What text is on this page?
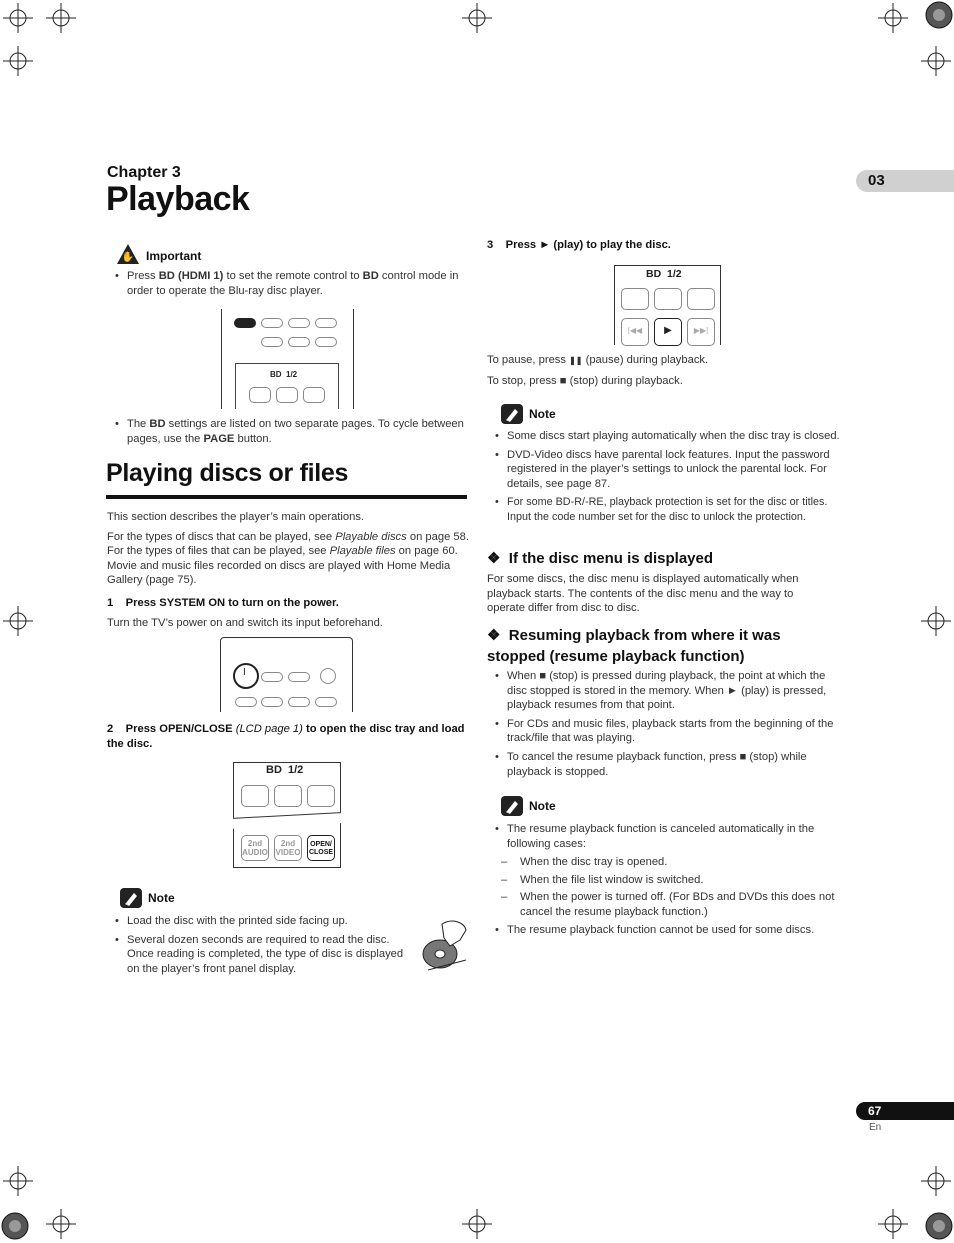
Chapter 3
Playback	03
✋ Important
• Press BD (HDMI 1) to set the remote control to BD control mode in order to operate the Blu-ray disc player.
BD  1/2
• The BD settings are listed on two separate pages. To cycle between pages, use the PAGE button.
Playing discs or files

This section describes the player’s main operations.

For the types of discs that can be played, see Playable discs on page 58. For the types of files that can be played, see Playable files on page 60. Movie and music files recorded on discs are played with Home Media Gallery (page 75).

1    Press SYSTEM ON to turn on the power.

Turn the TV’s power on and switch its input beforehand.

I

2    Press OPEN/CLOSE (LCD page 1) to open the disc tray and load the disc.

BD  1/2
2nd
AUDIO
2nd
VIDEO
OPEN/
CLOSE
Note
• Load the disc with the printed side facing up.
• Several dozen seconds are required to read the disc. Once reading is completed, the type of disc is displayed on the player’s front panel display.

3    Press ► (play) to play the disc.

BD  1/2
|◀◀	▶	▶▶|

To pause, press ❚❚ (pause) during playback.

To stop, press ■ (stop) during playback.

Note
• Some discs start playing automatically when the disc tray is closed.
• DVD-Video discs have parental lock features. Input the password registered in the player’s settings to unlock the parental lock. For details, see page 87.
• For some BD-R/-RE, playback protection is set for the disc or titles. Input the code number set for the disc to unlock the protection.
❖  If the disc menu is displayed

For some discs, the disc menu is displayed automatically when playback starts. The contents of the disc menu and the way to operate differ from disc to disc.

❖  Resuming playback from where it was stopped (resume playback function)
• When ■ (stop) is pressed during playback, the point at which the disc stopped is stored in the memory. When ► (play) is pressed, playback resumes from that point.
• For CDs and music files, playback starts from the beginning of the track/file that was playing.
• To cancel the resume playback function, press ■ (stop) while playback is stopped.
Note
• The resume playback function is canceled automatically in the following cases:
– When the disc tray is opened.
– When the file list window is switched.
– When the power is turned off. (For BDs and DVDs this does not cancel the resume playback function.)
• The resume playback function cannot be used for some discs.
67
En
